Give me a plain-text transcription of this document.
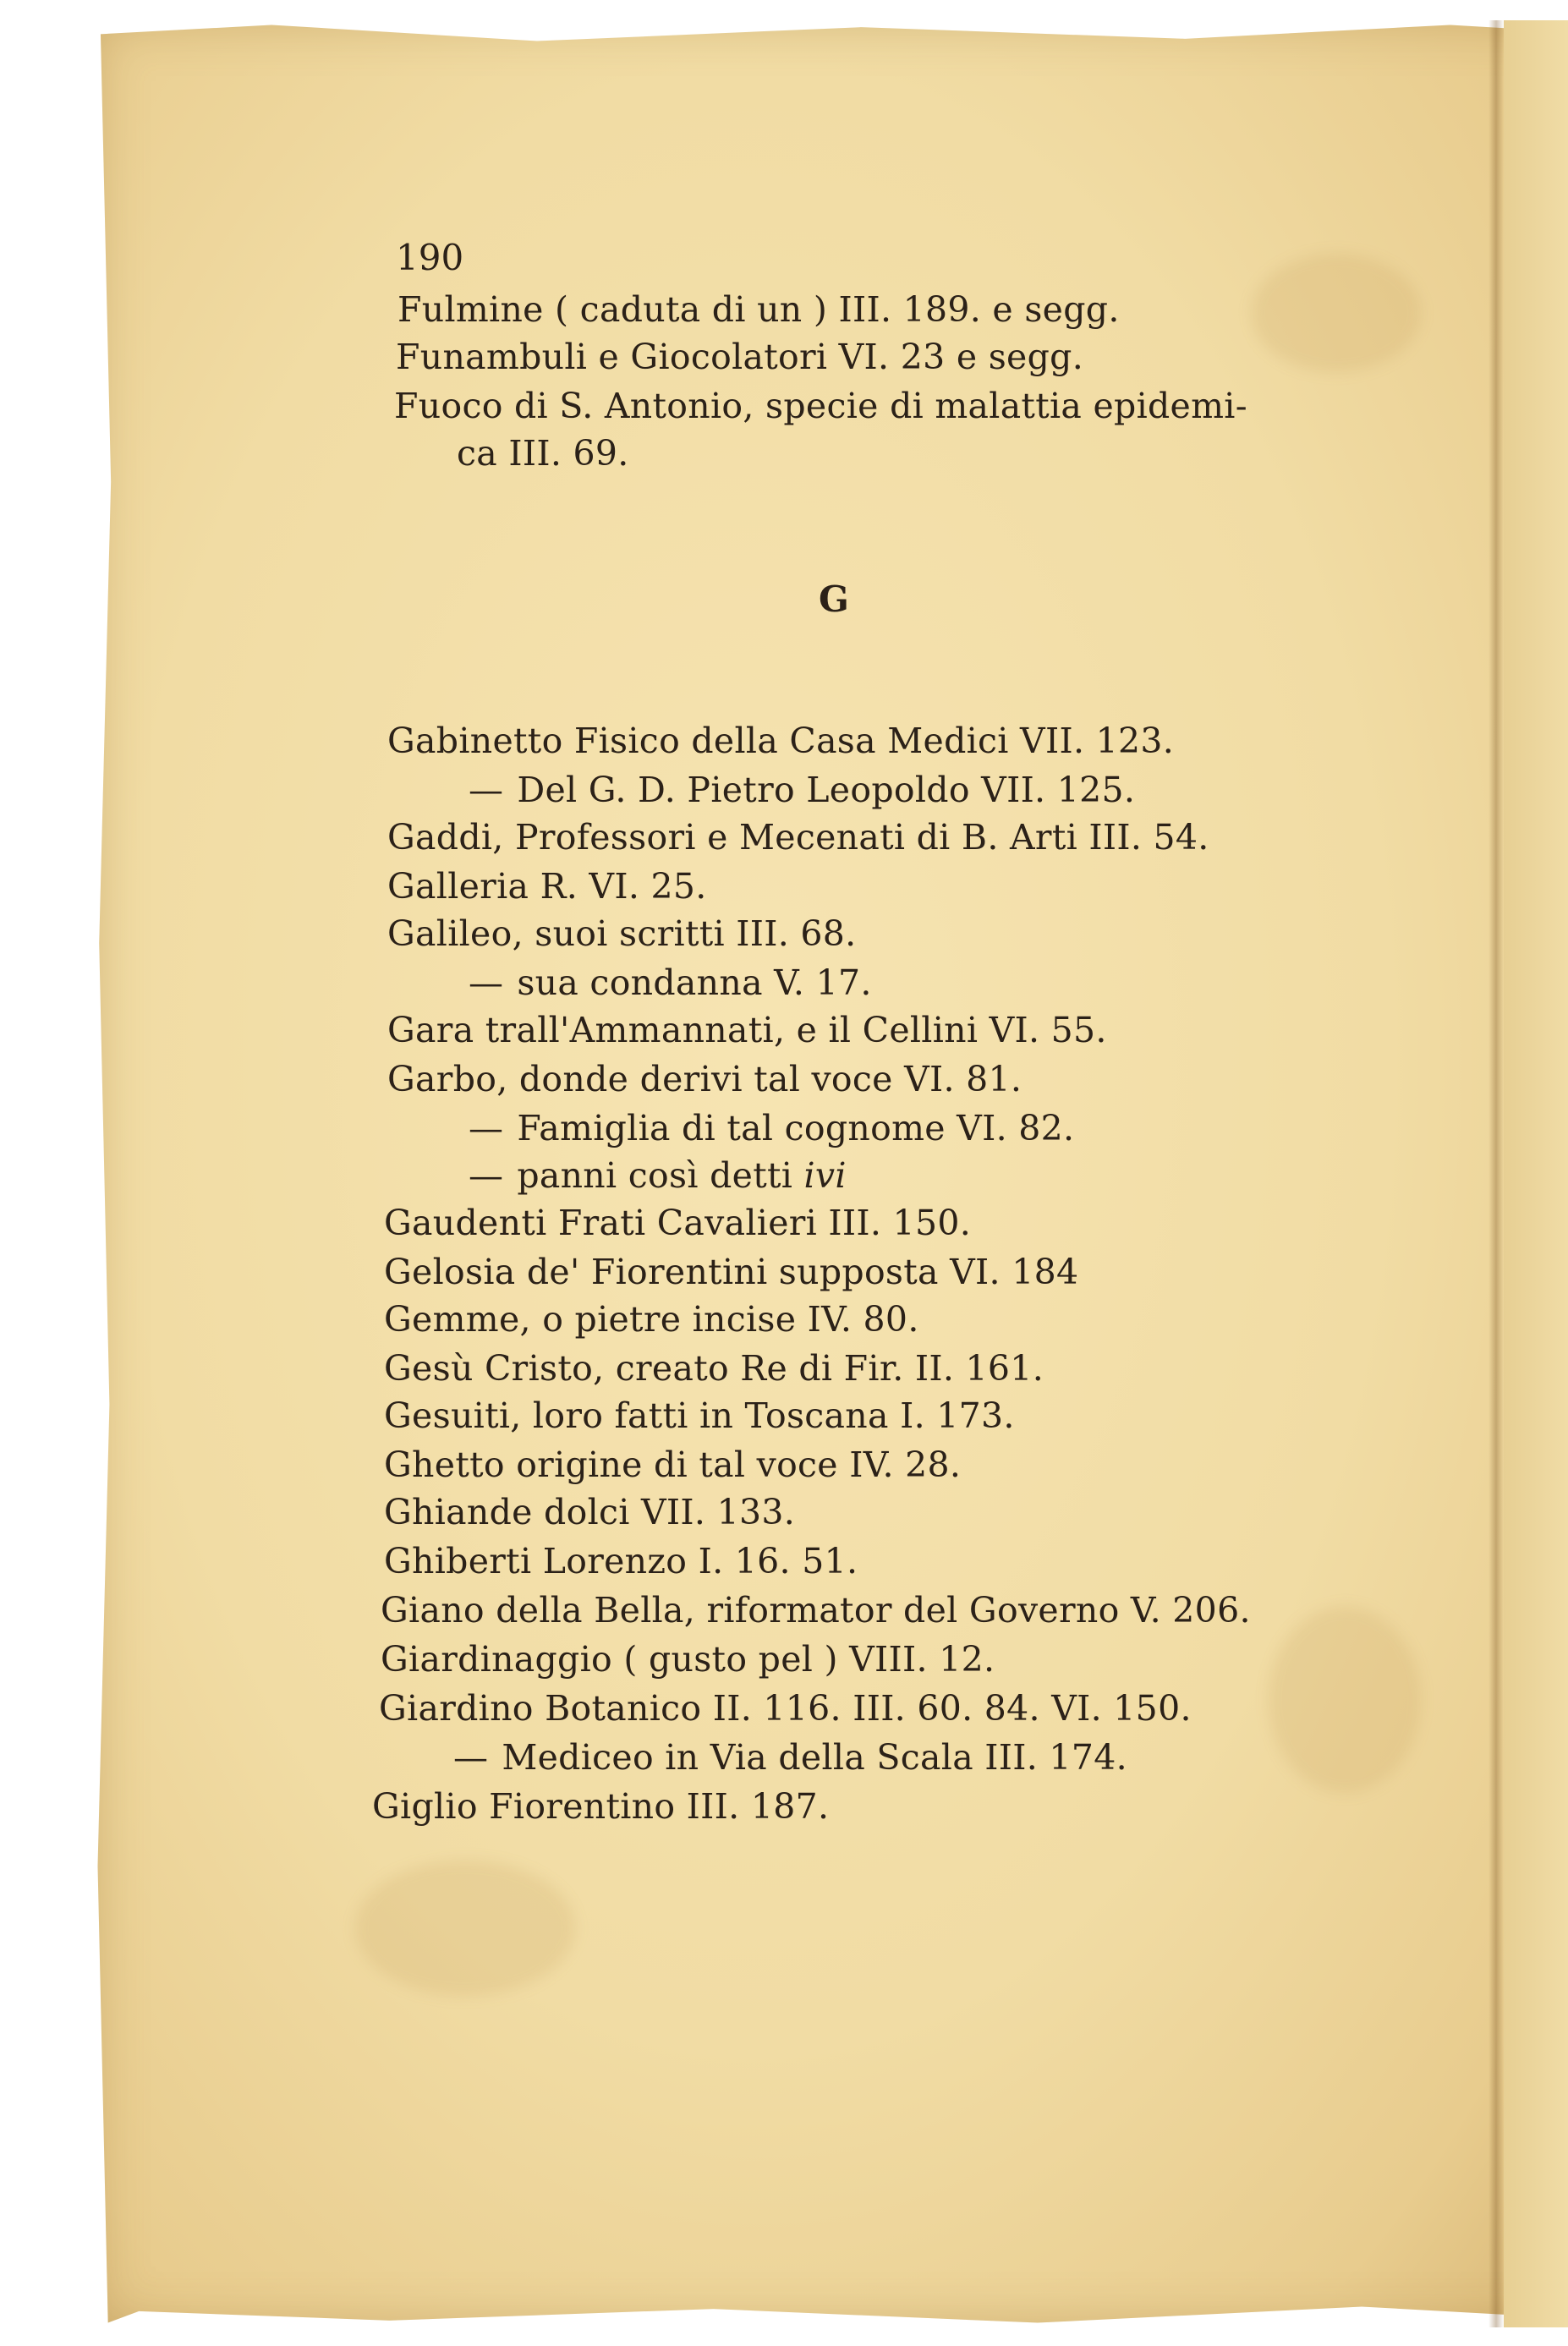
190
Fulmine ( caduta di un ) III. 189. e segg.
Funambuli e Giocolatori VI. 23 e segg.
Fuoco di S. Antonio, specie di malattia epidemi-
ca III. 69.
G
Gabinetto Fisico della Casa Medici VII. 123.
— Del G. D. Pietro Leopoldo VII. 125.
Gaddi, Professori e Mecenati di B. Arti III. 54.
Galleria R. VI. 25.
Galileo, suoi scritti III. 68.
— sua condanna V. 17.
Gara trall'Ammannati, e il Cellini VI. 55.
Garbo, donde derivi tal voce VI. 81.
— Famiglia di tal cognome VI. 82.
— panni così detti ivi
Gaudenti Frati Cavalieri III. 150.
Gelosia de' Fiorentini supposta VI. 184
Gemme, o pietre incise IV. 80.
Gesù Cristo, creato Re di Fir. II. 161.
Gesuiti, loro fatti in Toscana I. 173.
Ghetto origine di tal voce IV. 28.
Ghiande dolci VII. 133.
Ghiberti Lorenzo I. 16. 51.
Giano della Bella, riformator del Governo V. 206.
Giardinaggio ( gusto pel ) VIII. 12.
Giardino Botanico II. 116. III. 60. 84. VI. 150.
— Mediceo in Via della Scala III. 174.
Giglio Fiorentino III. 187.
